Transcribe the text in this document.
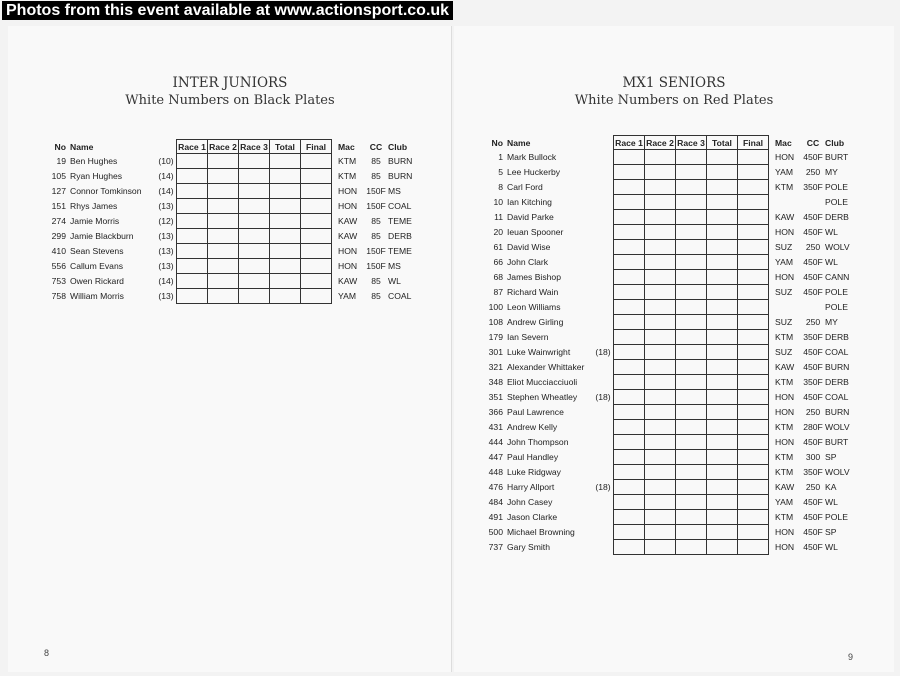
Photos from this event available at www.actionsport.co.uk

INTER JUNIORS
White Numbers on Black Plates
8
MX1 SENIORS
White Numbers on Red Plates
9
No	Name		Race 1	Race 2	Race 3	Total	Final		Mac	CC	Club
19	Ben Hughes	(10)							KTM	85	BURN
105	Ryan Hughes	(14)							KTM	85	BURN
127	Connor Tomkinson	(14)							HON	150F	MS
151	Rhys James	(13)							HON	150F	COAL
274	Jamie Morris	(12)							KAW	85	TEME
299	Jamie Blackburn	(13)							KAW	85	DERB
410	Sean Stevens	(13)							HON	150F	TEME
556	Callum Evans	(13)							HON	150F	MS
753	Owen Rickard	(14)							KAW	85	WL
758	William Morris	(13)							YAM	85	COAL
No	Name		Race 1	Race 2	Race 3	Total	Final		Mac	CC	Club
1	Mark Bullock								HON	450F	BURT
5	Lee Huckerby								YAM	250	MY
8	Carl Ford								KTM	350F	POLE
10	Ian Kitching										POLE
11	David Parke								KAW	450F	DERB
20	Ieuan Spooner								HON	450F	WL
61	David Wise								SUZ	250	WOLV
66	John Clark								YAM	450F	WL
68	James Bishop								HON	450F	CANN
87	Richard Wain								SUZ	450F	POLE
100	Leon Williams										POLE
108	Andrew Girling								SUZ	250	MY
179	Ian Severn								KTM	350F	DERB
301	Luke Wainwright	(18)							SUZ	450F	COAL
321	Alexander Whittaker								KAW	450F	BURN
348	Eliot Mucciacciuoli								KTM	350F	DERB
351	Stephen Wheatley	(18)							HON	450F	COAL
366	Paul Lawrence								HON	250	BURN
431	Andrew Kelly								KTM	280F	WOLV
444	John Thompson								HON	450F	BURT
447	Paul Handley								KTM	300	SP
448	Luke Ridgway								KTM	350F	WOLV
476	Harry Allport	(18)							KAW	250	KA
484	John Casey								YAM	450F	WL
491	Jason Clarke								KTM	450F	POLE
500	Michael Browning								HON	450F	SP
737	Gary Smith								HON	450F	WL
